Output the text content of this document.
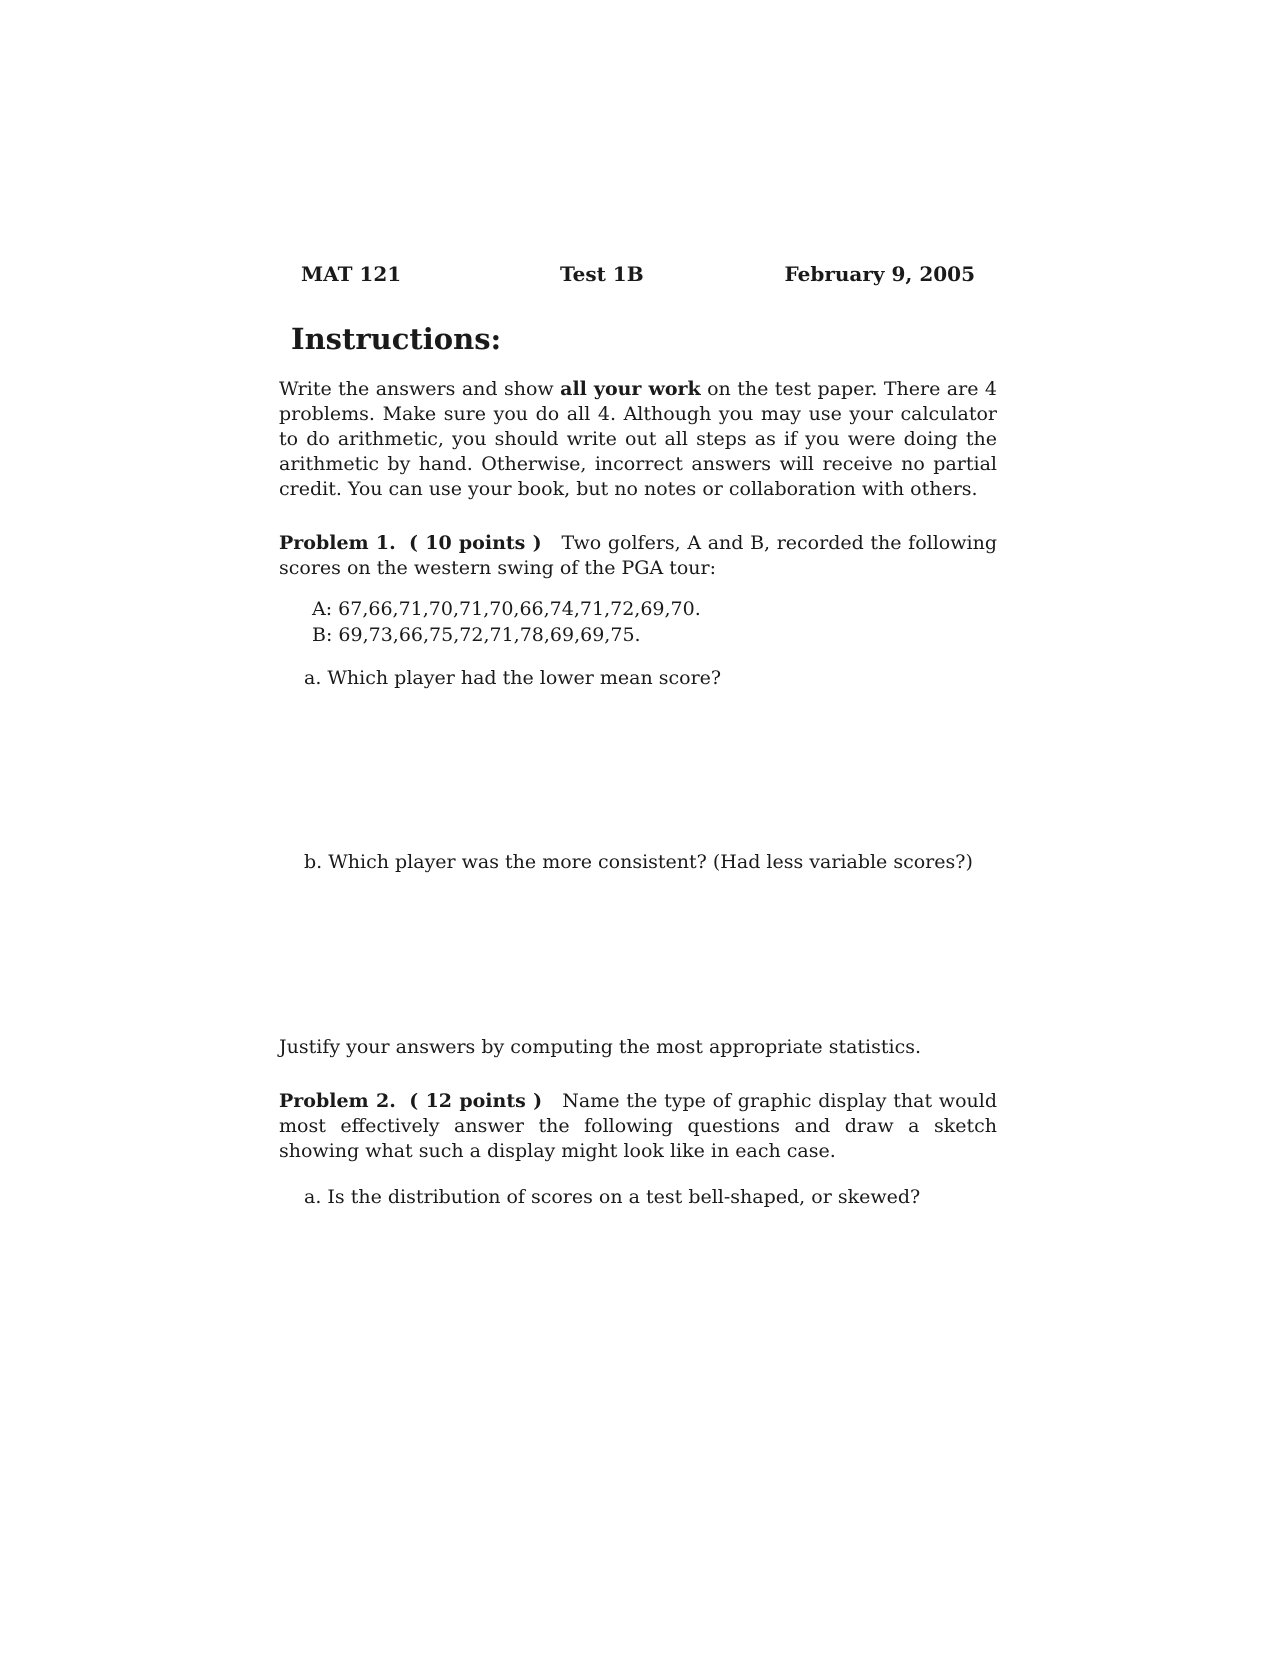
MAT 121	Test 1B	February 9, 2005
Instructions:

Write the answers and show all your work on the test paper. There are 4 problems. Make sure you do all 4. Although you may use your calculator to do arithmetic, you should write out all steps as if you were doing the arithmetic by hand. Otherwise, incorrect answers will receive no partial credit. You can use your book, but no notes or collaboration with others.

Problem 1. ( 10 points ) Two golfers, A and B, recorded the following scores on the western swing of the PGA tour:

A: 67,66,71,70,71,70,66,74,71,72,69,70.
B: 69,73,66,75,72,71,78,69,69,75.
a. Which player had the lower mean score?
b. Which player was the more consistent? (Had less variable scores?)

Justify your answers by computing the most appropriate statistics.

Problem 2. ( 12 points ) Name the type of graphic display that would most effectively answer the following questions and draw a sketch showing what such a display might look like in each case.

a. Is the distribution of scores on a test bell-shaped, or skewed?
